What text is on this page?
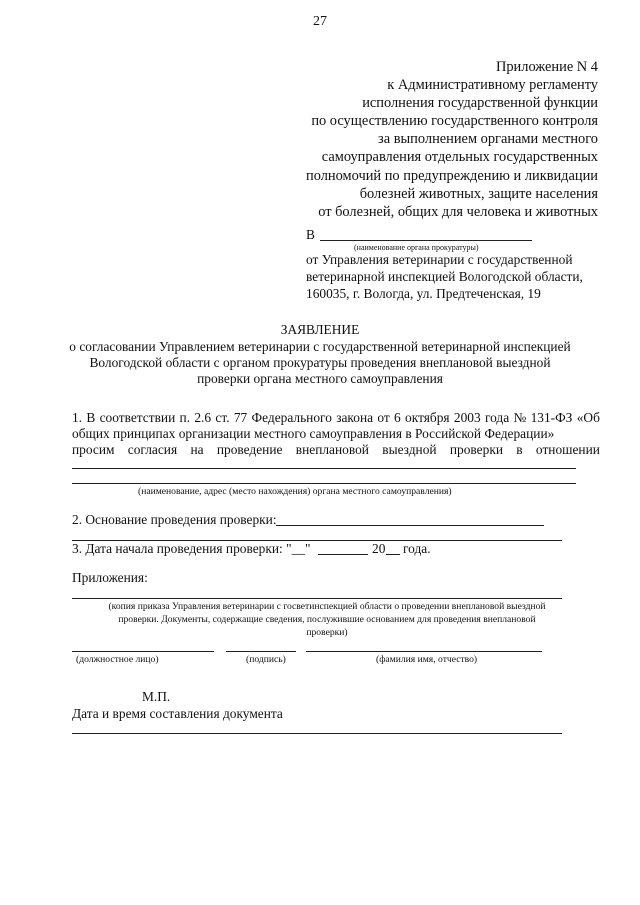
27
Приложение N 4
к Административному регламенту
исполнения государственной функции
по осуществлению государственного контроля
за выполнением органами местного
самоуправления отдельных государственных
полномочий по предупреждению и ликвидации
болезней животных, защите населения
от болезней, общих для человека и животных
В
(наименование органа прокуратуры)
от Управления ветеринарии с государственной
ветеринарной инспекцией Вологодской области,
160035, г. Вологда, ул. Предтеченская, 19
ЗАЯВЛЕНИЕ
о согласовании Управлением ветеринарии с государственной ветеринарной инспекцией
Вологодской области с органом прокуратуры проведения внеплановой выездной
проверки органа местного самоуправления
1. В соответствии п. 2.6 ст. 77 Федерального закона от 6 октября 2003 года № 131-ФЗ «Об
общих принципах организации местного самоуправления в Российской Федерации»
просим согласия на проведение внеплановой выездной проверки в отношении
(наименование, адрес (место нахождения) органа местного самоуправления)
2. Основание проведения проверки:
3. Дата начала проведения проверки: "__"	20 года.
Приложения:
(копия приказа Управления ветеринарии с госветинспекцией области о проведении внеплановой выездной
проверки. Документы, содержащие сведения, послужившие основанием для проведения внеплановой
проверки)
(должностное лицо)	(подпись)	(фамилия имя, отчество)
М.П.
Дата и время составления документа
